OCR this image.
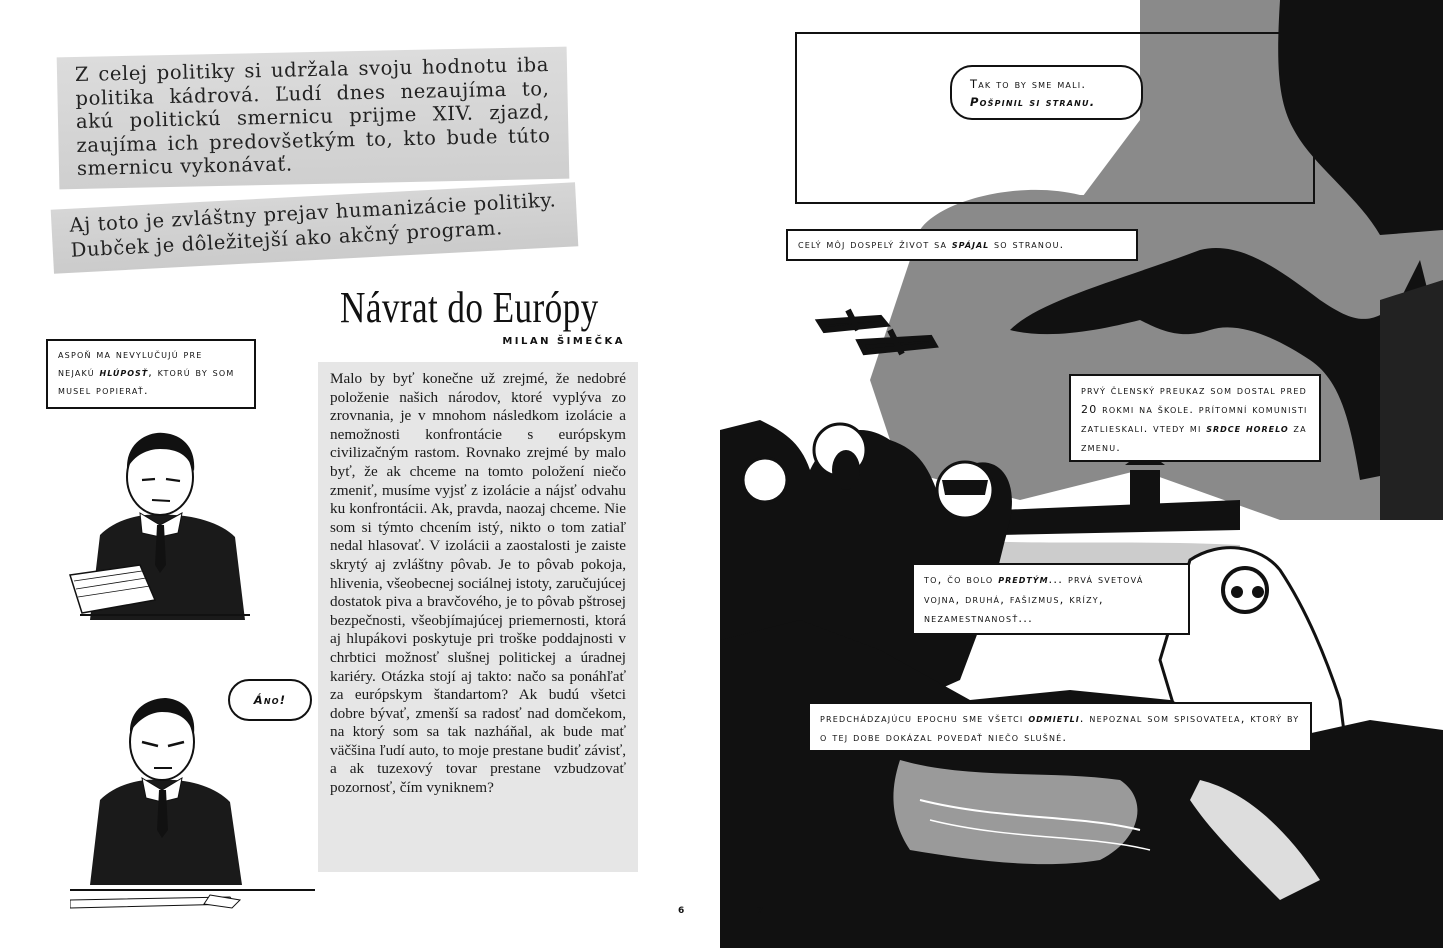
Z celej politiky si udržala svoju hodnotu iba politika kádrová. Ľudí dnes nezaujíma to, akú politickú smernicu prijme XIV. zjazd, zaujíma ich predovšetkým to, kto bude túto smernicu vykonávať.

Aj toto je zvláštny prejav humanizácie politiky. Dubček je dôležitejší ako akčný program.

aspoň ma nevylučujú pre nejakú hlúposť, ktorú by som musel popierať.
Áno!
Návrat do Európy
MILAN ŠIMEČKA

Malo by byť konečne už zrejmé, že nedobré položenie našich národov, ktoré vyplýva zo zrovnania, je v mnohom následkom izolácie a nemožnosti konfrontácie s európskym civilizačným rastom. Rovnako zrejmé by malo byť, že ak chceme na tomto položení niečo zmeniť, musíme vyjsť z izolácie a nájsť odvahu ku konfrontácii. Ak, pravda, naozaj chceme. Nie som si týmto chcením istý, nikto o tom zatiaľ nedal hlasovať. V izolácii a zaostalosti je zaiste skrytý aj zvláštny pôvab. Je to pôvab pokoja, hlivenia, všeobecnej sociálnej istoty, zaručujúcej dostatok piva a bravčového, je to pôvab pštrosej bezpečnosti, všeobjímajúcej priemernosti, ktorá aj hlupákovi poskytuje pri troške poddajnosti v chrbtici možnosť slušnej politickej a úradnej kariéry. Otázka stojí aj takto: načo sa ponáhľať za európskym štandartom? Ak budú všetci dobre bývať, zmenší sa radosť nad domčekom, na ktorý som sa tak nazháňal, ak bude mať väčšina ľudí auto, to moje prestane budiť závisť, a ak tuzexový tovar prestane vzbudzovať pozornosť, čím vyniknem?

6
Tak to by sme mali.
Pošpinil si stranu.
celý môj dospelý život sa spájal so stranou.
prvý členský preukaz som dostal pred 20 rokmi na škole. prítomní komunisti zatlieskali. vtedy mi srdce horelo za zmenu.
to, čo bolo predtým... prvá svetová vojna, druhá, fašizmus, krízy, nezamestnanosť...
predchádzajúcu epochu sme všetci odmietli. nepoznal som spisovateľa, ktorý by o tej dobe dokázal povedať niečo slušné.
7
